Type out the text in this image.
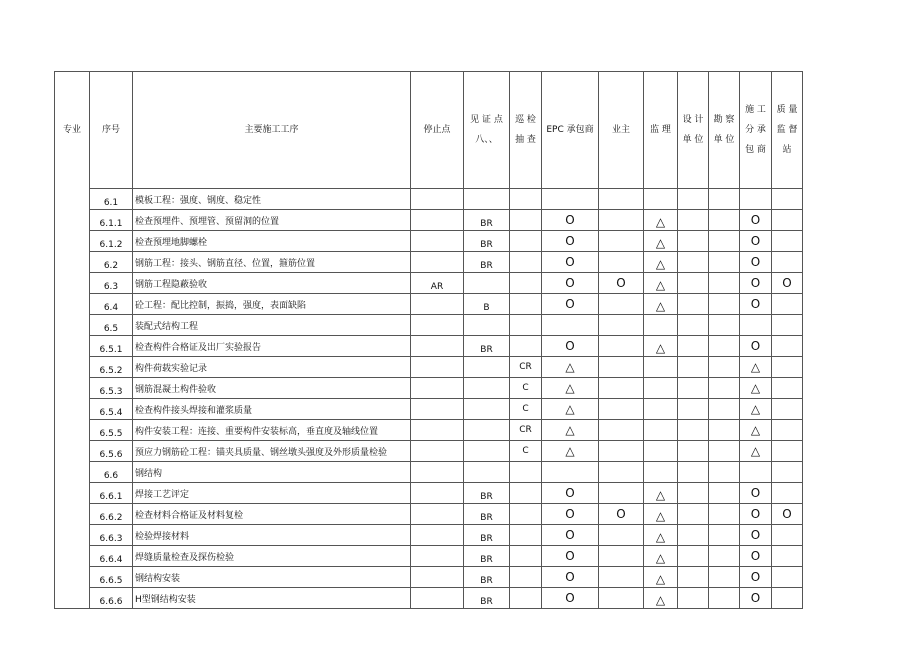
专业	序号	主要施工工序	停止点	见 证 点 八、、	巡 检 抽 查	EPC 承包商	业主	监 理	设 计 单 位	勘 察 单 位	施 工 分 承 包 商	质 量 监 督 站
	6.1	模板工程：强度、钢度、稳定性										
	6.1.1	检查预埋件、预埋管、预留洞的位置		BR		O		△			O	
	6.1.2	检查预埋地脚螺栓		BR		O		△			O	
	6.2	钢筋工程：接头、钢筋直径、位置，箍筋位置		BR		O		△			O	
	6.3	钢筋工程隐蔽验收	AR			O	O	△			O	O
	6.4	砼工程：配比控制，振捣，强度，表面缺陷		B		O		△			O	
	6.5	装配式结构工程										
	6.5.1	检查构件合格证及出厂实验报告		BR		O		△			O	
	6.5.2	构件荷载实验记录			CR	△					△	
	6.5.3	钢筋混凝土构件验收			C	△					△	
	6.5.4	检查构件接头焊接和灌浆质量			C	△					△	
	6.5.5	构件安装工程：连接、重要构件安装标高，垂直度及轴线位置			CR	△					△	
	6.5.6	预应力钢筋砼工程：锚夹具质量、钢丝墩头强度及外形质量检验			C	△					△	
	6.6	钢结构										
	6.6.1	焊接工艺评定		BR		O		△			O	
	6.6.2	检查材料合格证及材料复检		BR		O	O	△			O	O
	6.6.3	检验焊接材料		BR		O		△			O	
	6.6.4	焊缝质量检查及探伤检验		BR		O		△			O	
	6.6.5	钢结构安装		BR		O		△			O	
	6.6.6	H型钢结构安装		BR		O		△			O	
